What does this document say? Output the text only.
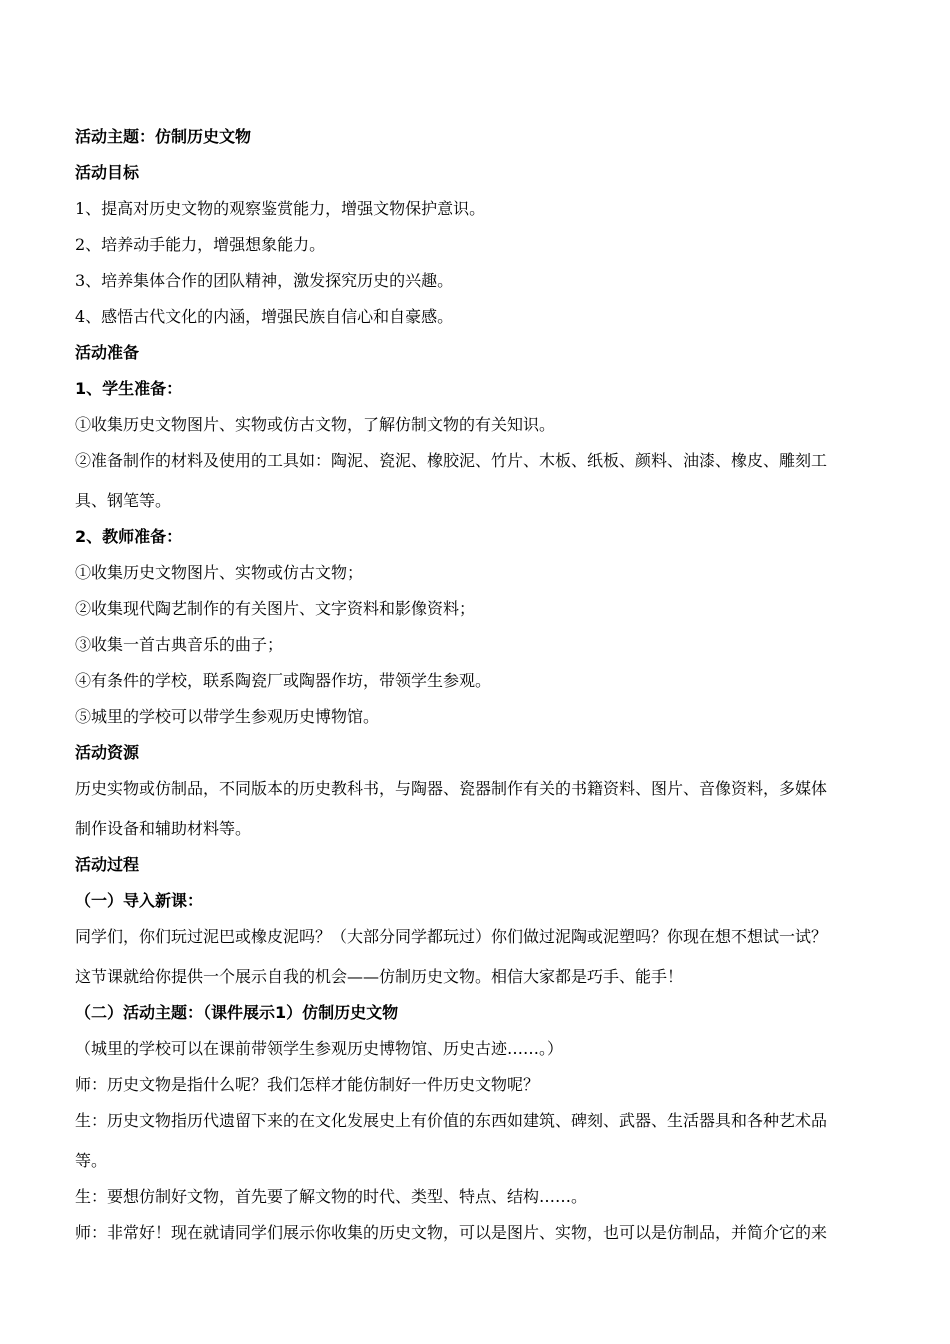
活动主题：仿制历史文物
活动目标
1、提高对历史文物的观察鉴赏能力，增强文物保护意识。
2、培养动手能力，增强想象能力。
3、培养集体合作的团队精神，激发探究历史的兴趣。
4、感悟古代文化的内涵，增强民族自信心和自豪感。
活动准备
1、学生准备：
①收集历史文物图片、实物或仿古文物，了解仿制文物的有关知识。
②准备制作的材料及使用的工具如：陶泥、瓷泥、橡胶泥、竹片、木板、纸板、颜料、油漆、橡皮、雕刻工
具、钢笔等。
2、教师准备：
①收集历史文物图片、实物或仿古文物；
②收集现代陶艺制作的有关图片、文字资料和影像资料；
③收集一首古典音乐的曲子；
④有条件的学校，联系陶瓷厂或陶器作坊，带领学生参观。
⑤城里的学校可以带学生参观历史博物馆。
活动资源
历史实物或仿制品，不同版本的历史教科书，与陶器、瓷器制作有关的书籍资料、图片、音像资料，多媒体
制作设备和辅助材料等。
活动过程
（一）导入新课：
同学们，你们玩过泥巴或橡皮泥吗？（大部分同学都玩过）你们做过泥陶或泥塑吗？你现在想不想试一试？
这节课就给你提供一个展示自我的机会——仿制历史文物。相信大家都是巧手、能手！
（二）活动主题：（课件展示1）仿制历史文物
（城里的学校可以在课前带领学生参观历史博物馆、历史古迹……。）
师：历史文物是指什么呢？我们怎样才能仿制好一件历史文物呢？
生：历史文物指历代遗留下来的在文化发展史上有价值的东西如建筑、碑刻、武器、生活器具和各种艺术品
等。
生：要想仿制好文物，首先要了解文物的时代、类型、特点、结构……。
师：非常好！现在就请同学们展示你收集的历史文物，可以是图片、实物，也可以是仿制品，并简介它的来
